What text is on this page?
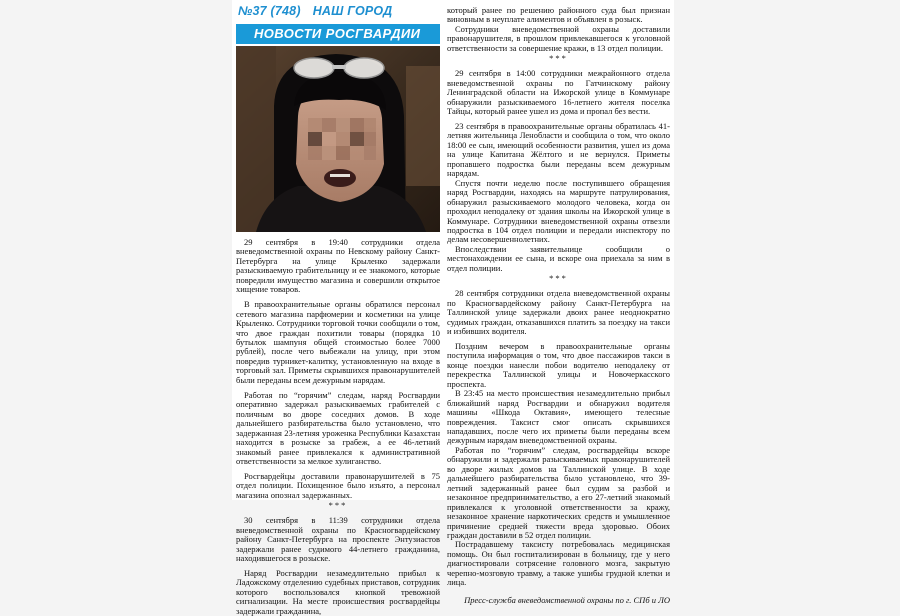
№37 (748) НАШ ГОРОД
НОВОСТИ РОСГВАРДИИ

29 сентября в 19:40 сотрудники отдела вневедомственной охраны по Невскому району Санкт-Петербурга на улице Крыленко задержали разыскиваемую грабительницу и ее знакомого, которые повредили имущество магазина и совершили открытое хищение товаров.

В правоохранительные органы обратился персонал сетевого магазина парфюмерии и косметики на улице Крыленко. Сотрудники торговой точки сообщили о том, что двое граждан похитили товары (порядка 10 бутылок шампуня общей стоимостью более 7000 рублей), после чего выбежали на улицу, при этом повредив турникет-калитку, установленную на входе в торговый зал. Приметы скрывшихся правонарушителей были переданы всем дежурным нарядам.

Работая по “горячим” следам, наряд Росгвардии оперативно задержал разыскиваемых грабителей с поличным во дворе соседних домов. В ходе дальнейшего разбирательства было установлено, что задержанная 23-летняя уроженка Республики Казахстан находится в розыске за грабеж, а ее 46-летний знакомый ранее привлекался к административной ответственности за мелкое хулиганство.

Росгвардейцы доставили правонарушителей в 75 отдел полиции. Похищенное было изъято, а персонал магазина опознал задержанных.

***

30 сентября в 11:39 сотрудники отдела вневедомственной охраны по Красногвардейскому району Санкт-Петербурга на проспекте Энтузиастов задержали ранее судимого 44-летнего гражданина, находившегося в розыске.

Наряд Росгвардии незамедлительно прибыл к Ладожскому отделению судебных приставов, сотрудник которого воспользовался кнопкой тревожной сигнализации. На месте происшествия росгвардейцы задержали гражданина,

который ранее по решению районного суда был признан виновным в неуплате алиментов и объявлен в розыск.

Сотрудники вневедомственной охраны доставили правонарушителя, в прошлом привлекавшегося к уголовной ответственности за совершение кражи, в 13 отдел полиции.

***

29 сентября в 14:00 сотрудники межрайонного отдела вневедомственной охраны по Гатчинскому району Ленинградской области на Ижорской улице в Коммунаре обнаружили разыскиваемого 16-летнего жителя поселка Тайцы, который ранее ушел из дома и пропал без вести.

23 сентября в правоохранительные органы обратилась 41-летняя жительница Ленобласти и сообщила о том, что около 18:00 ее сын, имеющий особенности развития, ушел из дома на улице Капитана Жёлтого и не вернулся. Приметы пропавшего подростка были переданы всем дежурным нарядам.

Спустя почти неделю после поступившего обращения наряд Росгвардии, находясь на маршруте патрулирования, обнаружил разыскиваемого молодого человека, когда он проходил неподалеку от здания школы на Ижорской улице в Коммунаре. Сотрудники вневедомственной охраны отвезли подростка в 104 отдел полиции и передали инспектору по делам несовершеннолетних.

Впоследствии заявительнице сообщили о местонахождении ее сына, и вскоре она приехала за ним в отдел полиции.

***

28 сентября сотрудники отдела вневедомственной охраны по Красногвардейскому району Санкт-Петербурга на Таллинской улице задержали двоих ранее неоднократно судимых граждан, отказавшихся платить за поездку на такси и избивших водителя.

Поздним вечером в правоохранительные органы поступила информация о том, что двое пассажиров такси в конце поездки нанесли побои водителю неподалеку от перекрестка Таллинской улицы и Новочеркасского проспекта.

В 23:45 на место происшествия незамедлительно прибыл ближайший наряд Росгвардии и обнаружил водителя машины «Шкода Октавия», имеющего телесные повреждения. Таксист смог описать скрывшихся нападавших, после чего их приметы были переданы всем дежурным нарядам вневедомственной охраны.

Работая по “горячим” следам, росгвардейцы вскоре обнаружили и задержали разыскиваемых правонарушителей во дворе жилых домов на Таллинской улице. В ходе дальнейшего разбирательства было установлено, что 39-летний задержанный ранее был судим за разбой и незаконное предпринимательство, а его 27-летний знакомый привлекался к уголовной ответственности за кражу, незаконное хранение наркотических средств и умышленное причинение средней тяжести вреда здоровью. Обоих граждан доставили в 52 отдел полиции.

Пострадавшему таксисту потребовалась медицинская помощь. Он был госпитализирован в больницу, где у него диагностировали сотрясение головного мозга, закрытую черепно-мозговую травму, а также ушибы грудной клетки и лица.

Пресс-служба вневедомственной охраны по г. СПб и ЛО
